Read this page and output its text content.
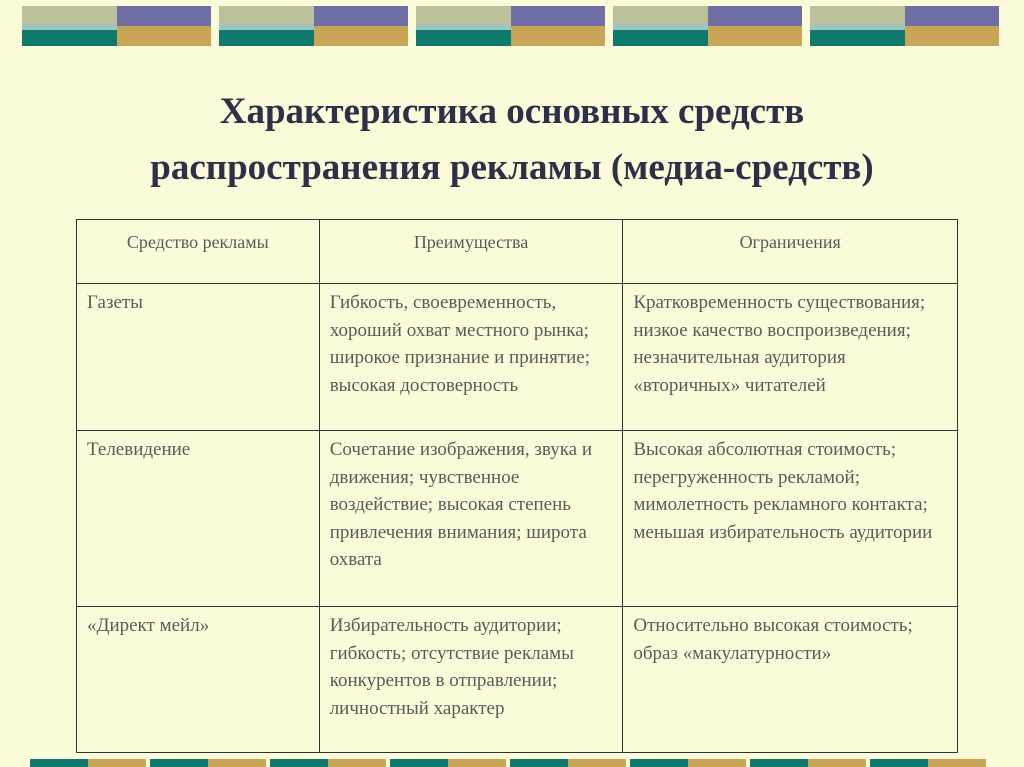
Характеристика основных средств
распространения рекламы (медиа-средств)
Средство рекламы	Преимущества	Ограничения
Газеты	Гибкость, своевременность, хороший охват местного рынка; широкое признание и принятие; высокая достоверность	Кратковременность существования; низкое качество воспроизведения; незначительная аудитория «вторичных» читателей
Телевидение	Сочетание изображения, звука и движения; чувственное воздействие; высокая степень привлечения внимания; широта охвата	Высокая абсолютная стоимость; перегруженность рекламой; мимолетность рекламного контакта; меньшая избирательность аудитории
«Директ мейл»	Избирательность аудитории; гибкость; отсутствие рекламы конкурентов в отправлении; личностный характер	Относительно высокая стоимость; образ «макулатурности»
